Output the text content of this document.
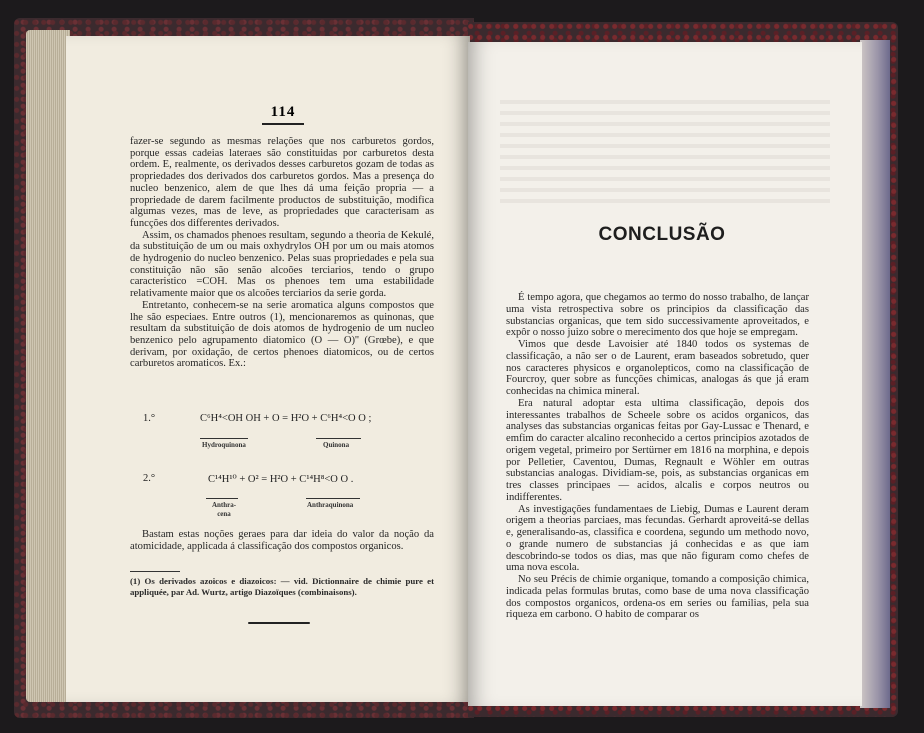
114

fazer-se segundo as mesmas relações que nos carburetos gordos, porque essas cadeias lateraes são constituidas por carburetos desta ordem. E, realmente, os derivados desses carburetos gozam de todas as propriedades dos derivados dos carburetos gordos. Mas a presença do nucleo benzenico, alem de que lhes dá uma feição propria — a propriedade de darem facilmente productos de substituição, modifica algumas vezes, mas de leve, as propriedades que caracterisam as funcções dos differentes derivados.

Assim, os chamados phenoes resultam, segundo a theoria de Kekulé, da substituição de um ou mais oxhydrylos OH por um ou mais atomos de hydrogenio do nucleo benzenico. Pelas suas propriedades e pela sua constituição não são senão alcoões terciarios, tendo o grupo caracteristico =COH. Mas os phenoes tem uma estabilidade relativamente maior que os alcoões terciarios da serie gorda.

Entretanto, conhecem-se na serie aromatica alguns compostos que lhe são especiaes. Entre outros (1), mencionaremos as quinonas, que resultam da substituição de dois atomos de hydrogenio de um nucleo benzenico pelo agrupamento diatomico (O — O)'' (Grœbe), e que derivam, por oxidação, de certos phenoes diatomicos, ou de certos carburetos aromaticos. Ex.:

1.°	C⁶H⁴<OH OH + O = H²O + C⁶H⁴<O O ;
Hydroquinona	Quinona
2.°	C¹⁴H¹⁰ + O² = H²O + C¹⁴H⁸<O O .
Anthra- cena
Anthraquinona

Bastam estas noções geraes para dar ideia do valor da noção da atomicidade, applicada á classificação dos compostos organicos.

(1) Os derivados azoicos e diazoicos: — vid. Dictionnaire de chimie pure et appliquée, par Ad. Wurtz, artigo Diazoïques (combinaisons).
CONCLUSÃO

É tempo agora, que chegamos ao termo do nosso trabalho, de lançar uma vista retrospectiva sobre os principios da classificação das substancias organicas, que tem sido successivamente aproveitados, e expôr o nosso juizo sobre o merecimento dos que hoje se empregam.

Vimos que desde Lavoisier até 1840 todos os systemas de classificação, a não ser o de Laurent, eram baseados sobretudo, quer nos caracteres physicos e organolepticos, como na classificação de Fourcroy, quer sobre as funcções chimicas, analogas ás que já eram conhecidas na chimica mineral.

Era natural adoptar esta ultima classificação, depois dos interessantes trabalhos de Scheele sobre os acidos organicos, das analyses das substancias organicas feitas por Gay-Lussac e Thenard, e emfim do caracter alcalino reconhecido a certos principios azotados de origem vegetal, primeiro por Sertürner em 1816 na morphina, e depois por Pelletier, Caventou, Dumas, Regnault e Wöhler em outras substancias analogas. Dividiam-se, pois, as substancias organicas em tres classes principaes — acidos, alcalis e corpos neutros ou indifferentes.

As investigações fundamentaes de Liebig, Dumas e Laurent deram origem a theorias parciaes, mas fecundas. Gerhardt aproveitá-se dellas e, generalisando-as, classifica e coordena, segundo um methodo novo, o grande numero de substancias já conhecidas e as que iam descobrindo-se todos os dias, mas que não figuram como chefes de uma nova escola.

No seu Précis de chimie organique, tomando a composição chimica, indicada pelas formulas brutas, como base de uma nova classificação dos compostos organicos, ordena-os em series ou familias, pela sua riqueza em carbono. O habito de comparar os
